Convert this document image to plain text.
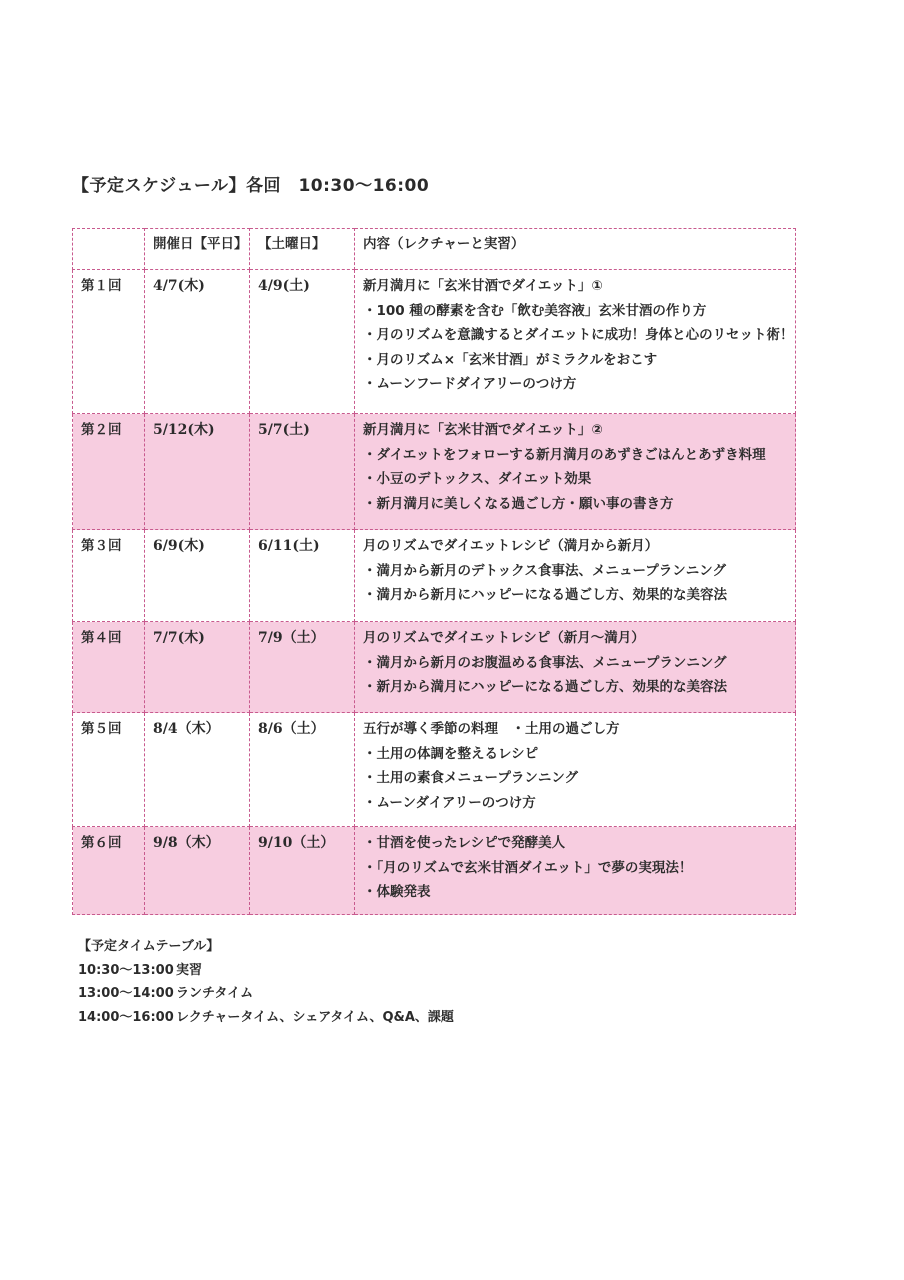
【予定スケジュール】各回　10:30〜16:00

	開催日【平日】	【土曜日】	内容（レクチャーと実習）

第１回	4/7(木)	4/9(土)	新月満月に「玄米甘酒でダイエット」①
・100 種の酵素を含む「飲む美容液」玄米甘酒の作り方
・月のリズムを意識するとダイエットに成功！身体と心のリセット術！
・月のリズム×「玄米甘酒」がミラクルをおこす
・ムーンフードダイアリーのつけ方

第２回	5/12(木)	5/7(土)	新月満月に「玄米甘酒でダイエット」②
・ダイエットをフォローする新月満月のあずきごはんとあずき料理
・小豆のデトックス、ダイエット効果
・新月満月に美しくなる過ごし方・願い事の書き方

第３回	6/9(木)	6/11(土)	月のリズムでダイエットレシピ（満月から新月）
・満月から新月のデトックス食事法、メニュープランニング
・満月から新月にハッピーになる過ごし方、効果的な美容法

第４回	7/7(木)	7/9（土）	月のリズムでダイエットレシピ（新月〜満月）
・満月から新月のお腹温める食事法、メニュープランニング
・新月から満月にハッピーになる過ごし方、効果的な美容法

第５回	8/4（木）	8/6（土）	五行が導く季節の料理　・土用の過ごし方
・土用の体調を整えるレシピ
・土用の素食メニュープランニング
・ムーンダイアリーのつけ方

第６回	9/8（木）	9/10（土）	・甘酒を使ったレシピで発酵美人
・「月のリズムで玄米甘酒ダイエット」で夢の実現法！
・体験発表
【予定タイムテーブル】
10:30〜13:00 実習
13:00〜14:00 ランチタイム
14:00〜16:00 レクチャータイム、シェアタイム、Q&A、課題
